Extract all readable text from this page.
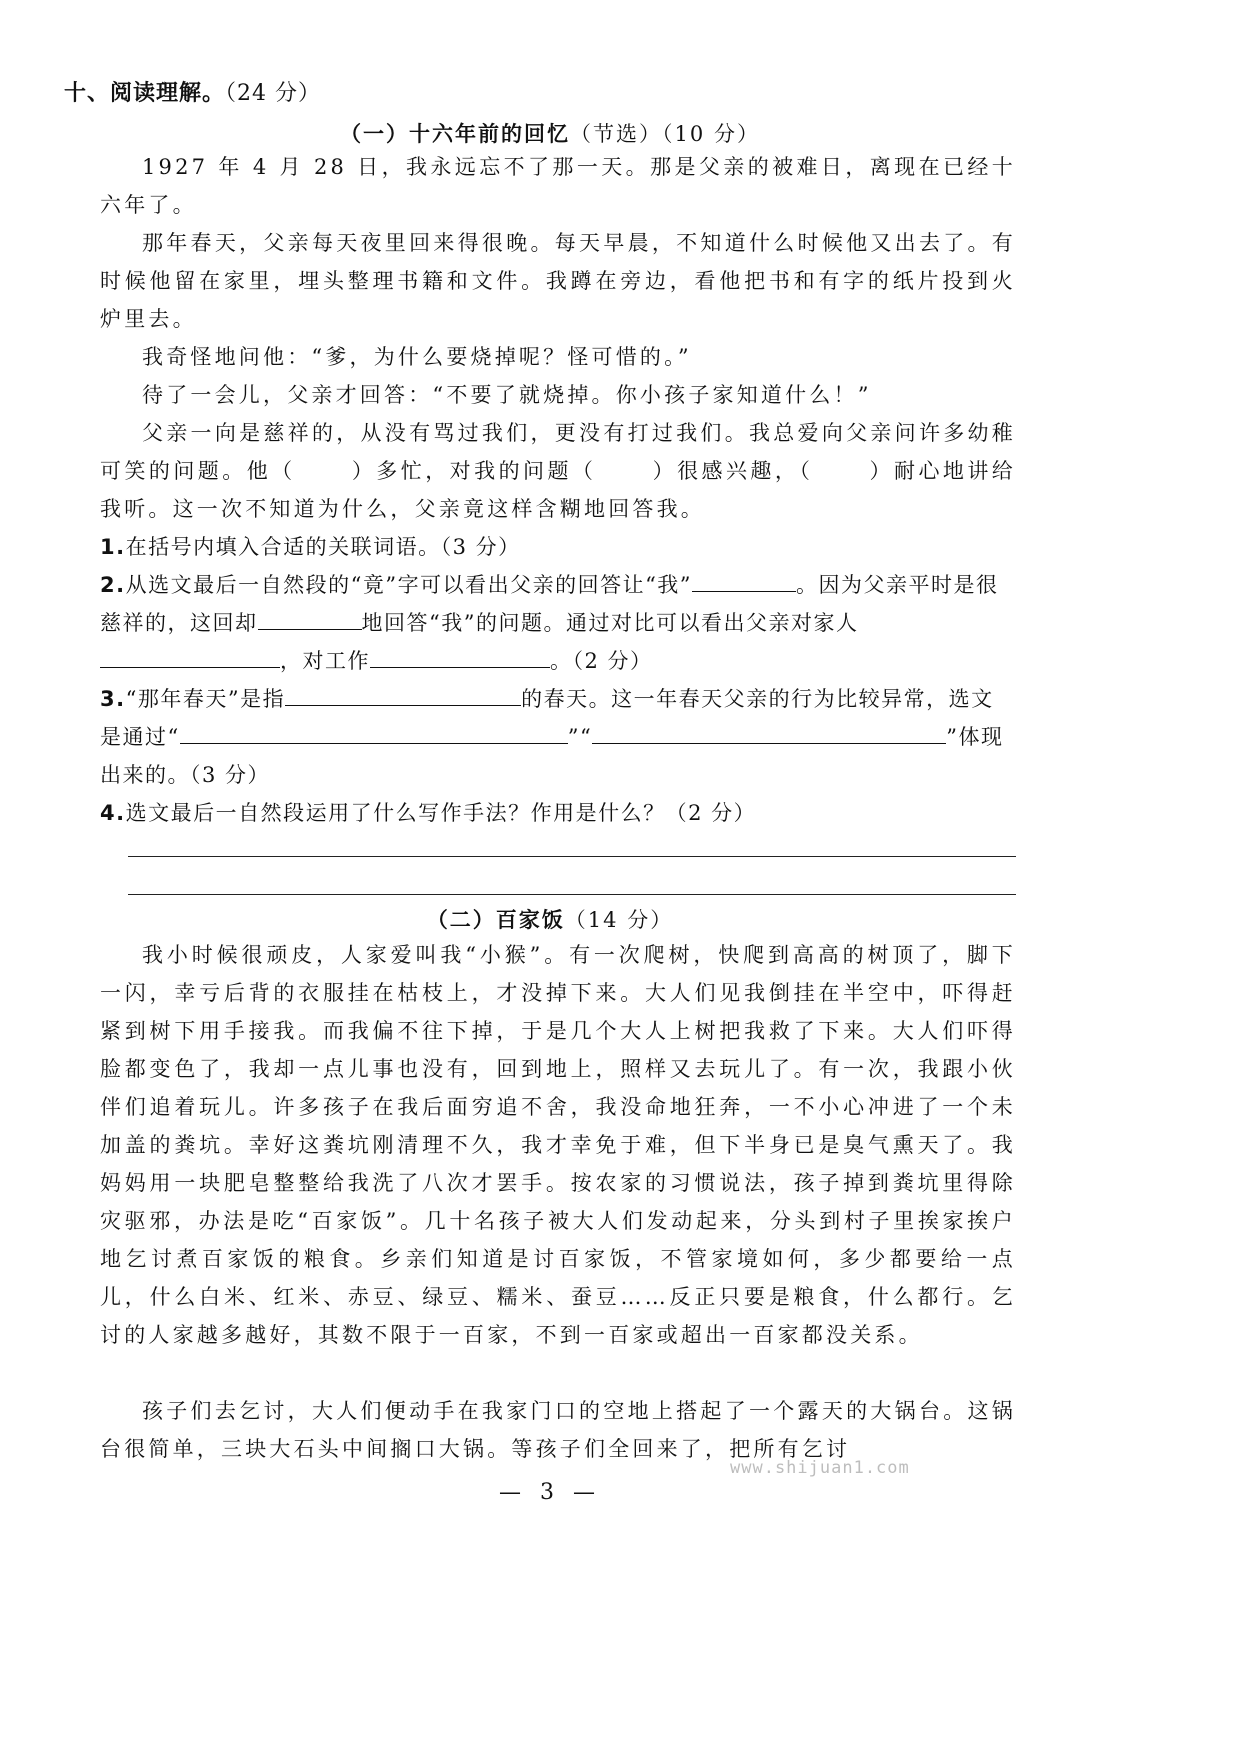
十、阅读理解。（24 分）
（一）十六年前的回忆（节选）（10 分）

1927 年 4 月 28 日，我永远忘不了那一天。那是父亲的被难日，离现在已经十六年了。

那年春天，父亲每天夜里回来得很晚。每天早晨，不知道什么时候他又出去了。有时候他留在家里，埋头整理书籍和文件。我蹲在旁边，看他把书和有字的纸片投到火炉里去。

我奇怪地问他：“爹，为什么要烧掉呢？怪可惜的。”

待了一会儿，父亲才回答：“不要了就烧掉。你小孩子家知道什么！”

父亲一向是慈祥的，从没有骂过我们，更没有打过我们。我总爱向父亲问许多幼稚可笑的问题。他（	）多忙，对我的问题（	）很感兴趣，（	）耐心地讲给我听。这一次不知道为什么，父亲竟这样含糊地回答我。

1.在括号内填入合适的关联词语。（3 分）

2.从选文最后一自然段的“竟”字可以看出父亲的回答让“我”	。因为父亲平时是很慈祥的，这回却	地回答“我”的问题。通过对比可以看出父亲对家人，对工作	。（2 分）

3.“那年春天”是指	的春天。这一年春天父亲的行为比较异常，选文是通过“	”“	”体现出来的。（3 分）

4.选文最后一自然段运用了什么写作手法？作用是什么？（2 分）

（二）百家饭（14 分）

我小时候很顽皮，人家爱叫我“小猴”。有一次爬树，快爬到高高的树顶了，脚下一闪，幸亏后背的衣服挂在枯枝上，才没掉下来。大人们见我倒挂在半空中，吓得赶紧到树下用手接我。而我偏不往下掉，于是几个大人上树把我救了下来。大人们吓得脸都变色了，我却一点儿事也没有，回到地上，照样又去玩儿了。有一次，我跟小伙伴们追着玩儿。许多孩子在我后面穷追不舍，我没命地狂奔，一不小心冲进了一个未加盖的粪坑。幸好这粪坑刚清理不久，我才幸免于难，但下半身已是臭气熏天了。我妈妈用一块肥皂整整给我洗了八次才罢手。按农家的习惯说法，孩子掉到粪坑里得除灾驱邪，办法是吃“百家饭”。几十名孩子被大人们发动起来，分头到村子里挨家挨户地乞讨煮百家饭的粮食。乡亲们知道是讨百家饭，不管家境如何，多少都要给一点儿，什么白米、红米、赤豆、绿豆、糯米、蚕豆……反正只要是粮食，什么都行。乞讨的人家越多越好，其数不限于一百家，不到一百家或超出一百家都没关系。

孩子们去乞讨，大人们便动手在我家门口的空地上搭起了一个露天的大锅台。这锅台很简单，三块大石头中间搁口大锅。等孩子们全回来了，把所有乞讨

www.shijuan1.com
— 3 —
